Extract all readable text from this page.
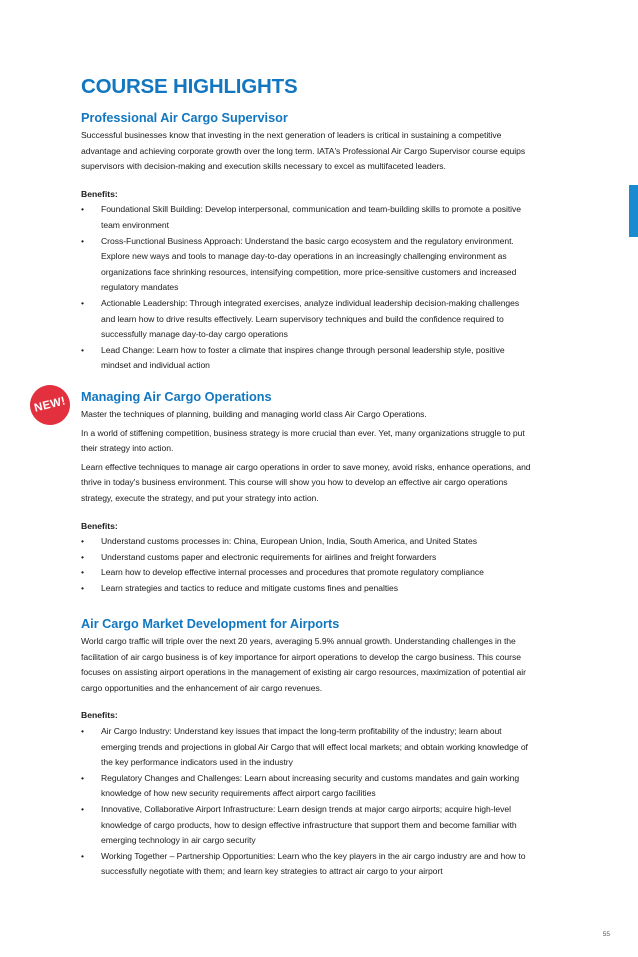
COURSE HIGHLIGHTS
Professional Air Cargo Supervisor

Successful businesses know that investing in the next generation of leaders is critical in sustaining a competitive advantage and achieving corporate growth over the long term. IATA's Professional Air Cargo Supervisor course equips supervisors with decision-making and execution skills necessary to excel as multifaceted leaders.

Benefits:
• Foundational Skill Building: Develop interpersonal, communication and team-building skills to promote a positive team environment
• Cross-Functional Business Approach: Understand the basic cargo ecosystem and the regulatory environment. Explore new ways and tools to manage day-to-day operations in an increasingly challenging environment as organizations face shrinking resources, intensifying competition, more price-sensitive customers and increased regulatory mandates
• Actionable Leadership: Through integrated exercises, analyze individual leadership decision-making challenges and learn how to drive results effectively. Learn supervisory techniques and build the confidence required to successfully manage day-to-day cargo operations
• Lead Change: Learn how to foster a climate that inspires change through personal leadership style, positive mindset and individual action
NEW!	Managing Air Cargo Operations

Master the techniques of planning, building and managing world class Air Cargo Operations.

In a world of stiffening competition, business strategy is more crucial than ever. Yet, many organizations struggle to put their strategy into action.

Learn effective techniques to manage air cargo operations in order to save money, avoid risks, enhance operations, and thrive in today's business environment. This course will show you how to develop an effective air cargo operations strategy, execute the strategy, and put your strategy into action.

Benefits:
• Understand customs processes in: China, European Union, India, South America, and United States
• Understand customs paper and electronic requirements for airlines and freight forwarders
• Learn how to develop effective internal processes and procedures that promote regulatory compliance
• Learn strategies and tactics to reduce and mitigate customs fines and penalties
Air Cargo Market Development for Airports

World cargo traffic will triple over the next 20 years, averaging 5.9% annual growth. Understanding challenges in the facilitation of air cargo business is of key importance for airport operations to develop the cargo business. This course focuses on assisting airport operations in the management of existing air cargo resources, maximization of potential air cargo opportunities and the enhancement of air cargo revenues.

Benefits:
• Air Cargo Industry: Understand key issues that impact the long-term profitability of the industry; learn about emerging trends and projections in global Air Cargo that will effect local markets; and obtain working knowledge of the key performance indicators used in the industry
• Regulatory Changes and Challenges: Learn about increasing security and customs mandates and gain working knowledge of how new security requirements affect airport cargo facilities
• Innovative, Collaborative Airport Infrastructure: Learn design trends at major cargo airports; acquire high-level knowledge of cargo products, how to design effective infrastructure that support them and become familiar with emerging technology in air cargo security
• Working Together – Partnership Opportunities: Learn who the key players in the air cargo industry are and how to successfully negotiate with them; and learn key strategies to attract air cargo to your airport
55
